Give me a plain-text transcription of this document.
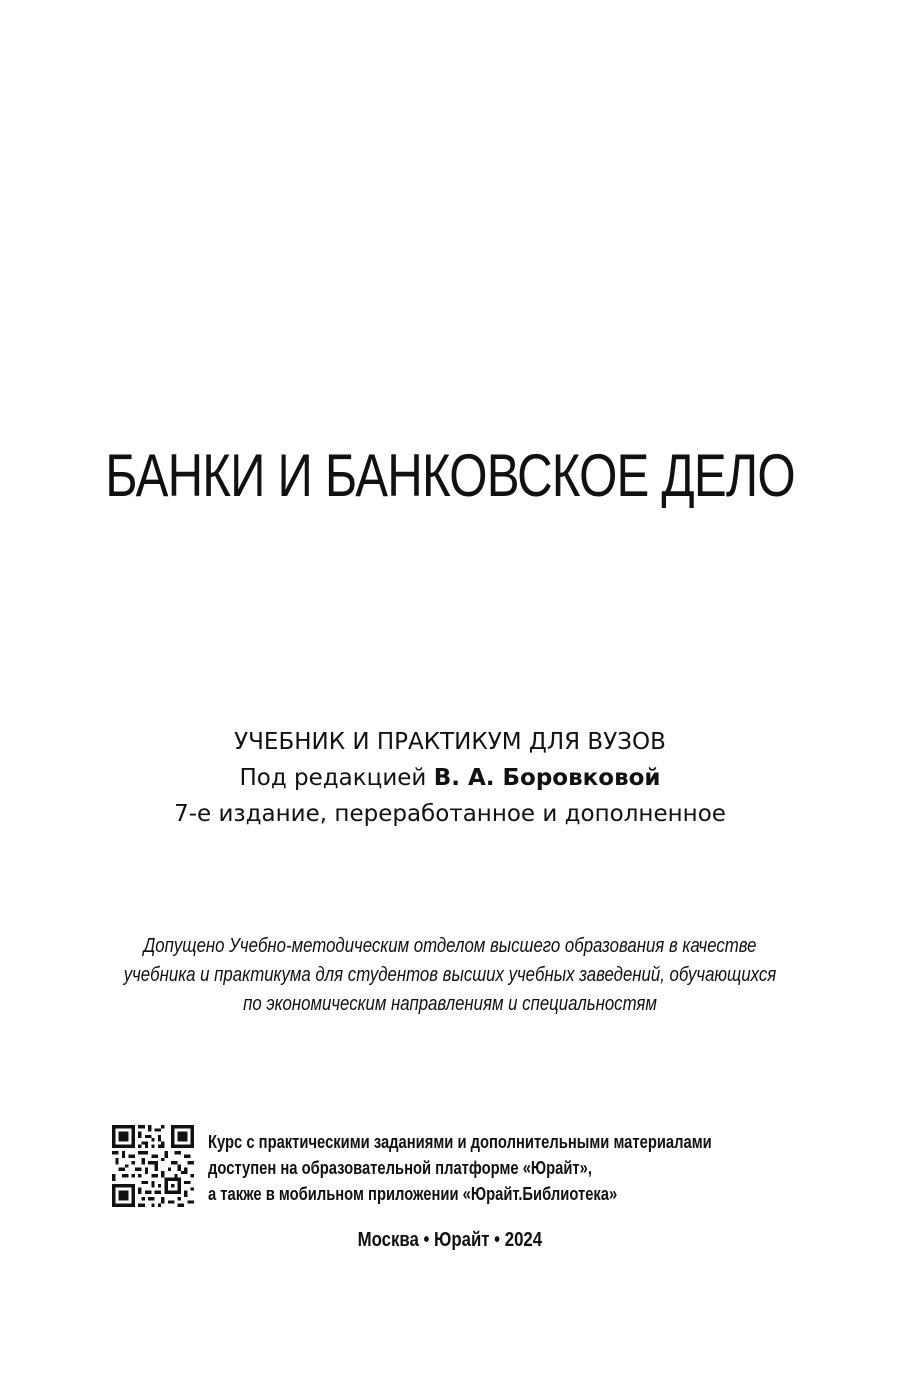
БАНКИ И БАНКОВСКОЕ ДЕЛО
УЧЕБНИК И ПРАКТИКУМ ДЛЯ ВУЗОВ
Под редакцией В. А. Боровковой
7-е издание, переработанное и дополненное
Допущено Учебно-методическим отделом высшего образования в качестве
учебника и практикума для студентов высших учебных заведений, обучающихся
по экономическим направлениям и специальностям
Курс с практическими заданиями и дополнительными материалами
доступен на образовательной платформе «Юрайт»,
а также в мобильном приложении «Юрайт.Библиотека»
Москва • Юрайт • 2024
